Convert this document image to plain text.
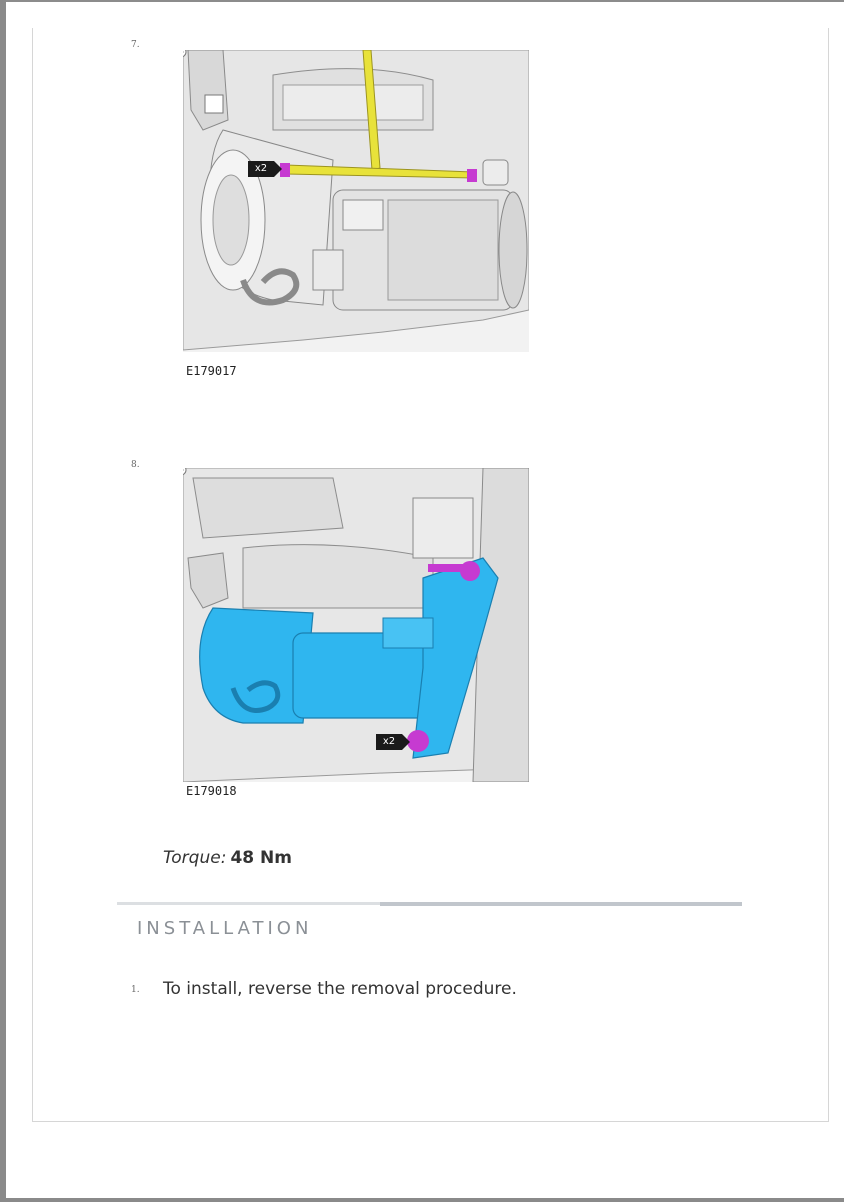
7.
x2
E179017
8.
x2
E179018
Torque: 48 Nm
INSTALLATION
1. To install, reverse the removal procedure.
